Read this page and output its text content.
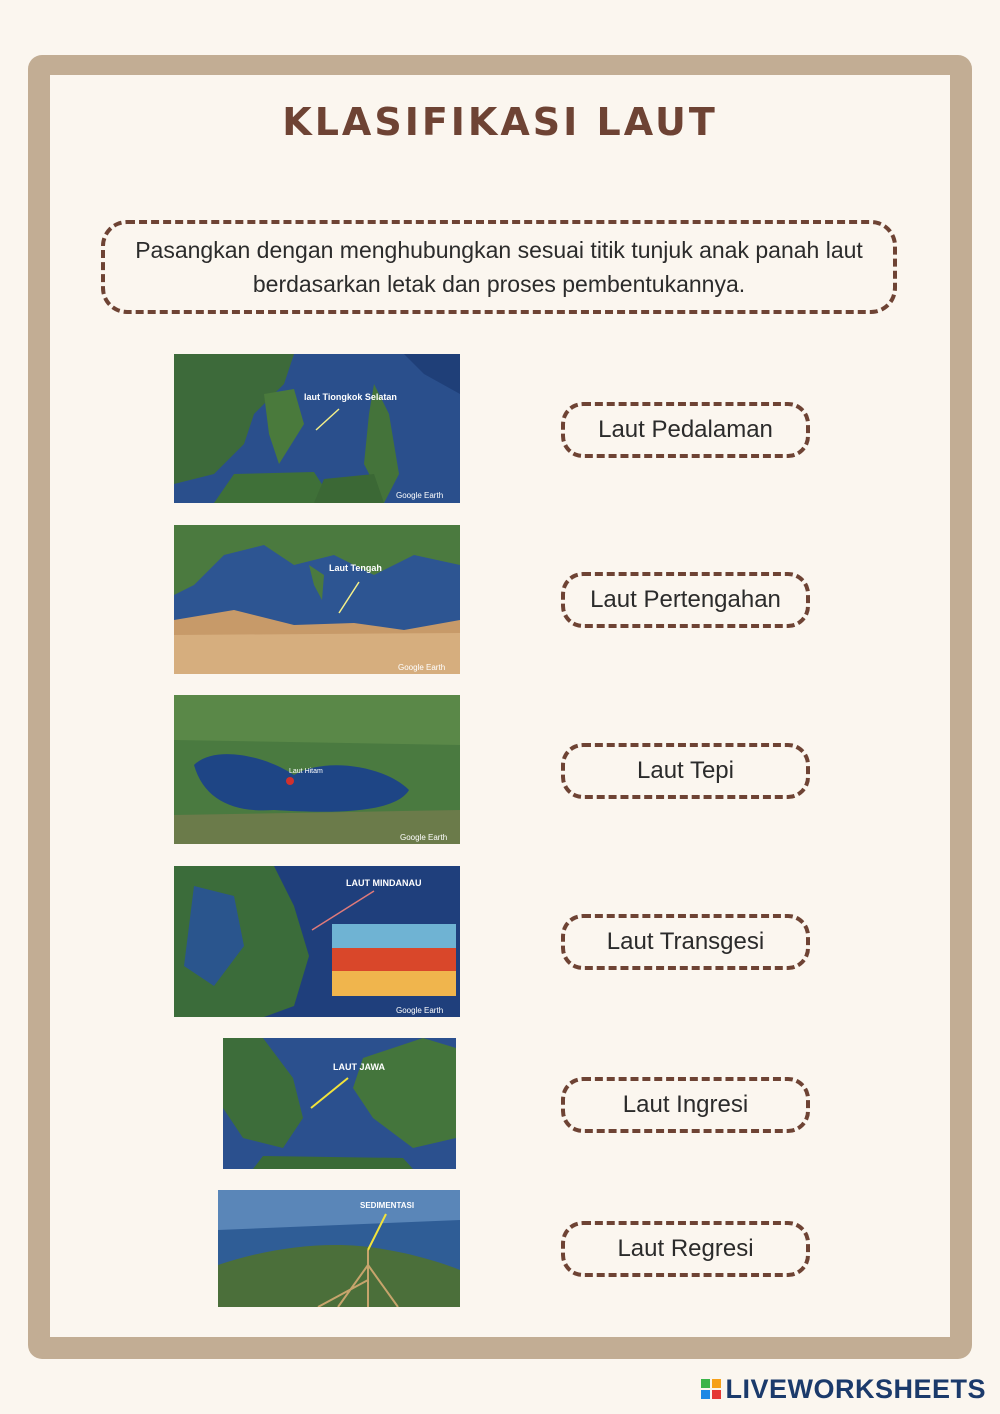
KLASIFIKASI LAUT
Pasangkan dengan menghubungkan sesuai titik tunjuk anak panah laut berdasarkan letak dan proses pembentukannya.
laut Tiongkok Selatan
Google Earth
Laut Tengah
Google Earth
Laut Hitam
Google Earth
LAUT MINDANAU
Google Earth
LAUT JAWA
SEDIMENTASI
Laut Pedalaman
Laut Pertengahan
Laut Tepi
Laut Transgesi
Laut Ingresi
Laut Regresi
LIVEWORKSHEETS
